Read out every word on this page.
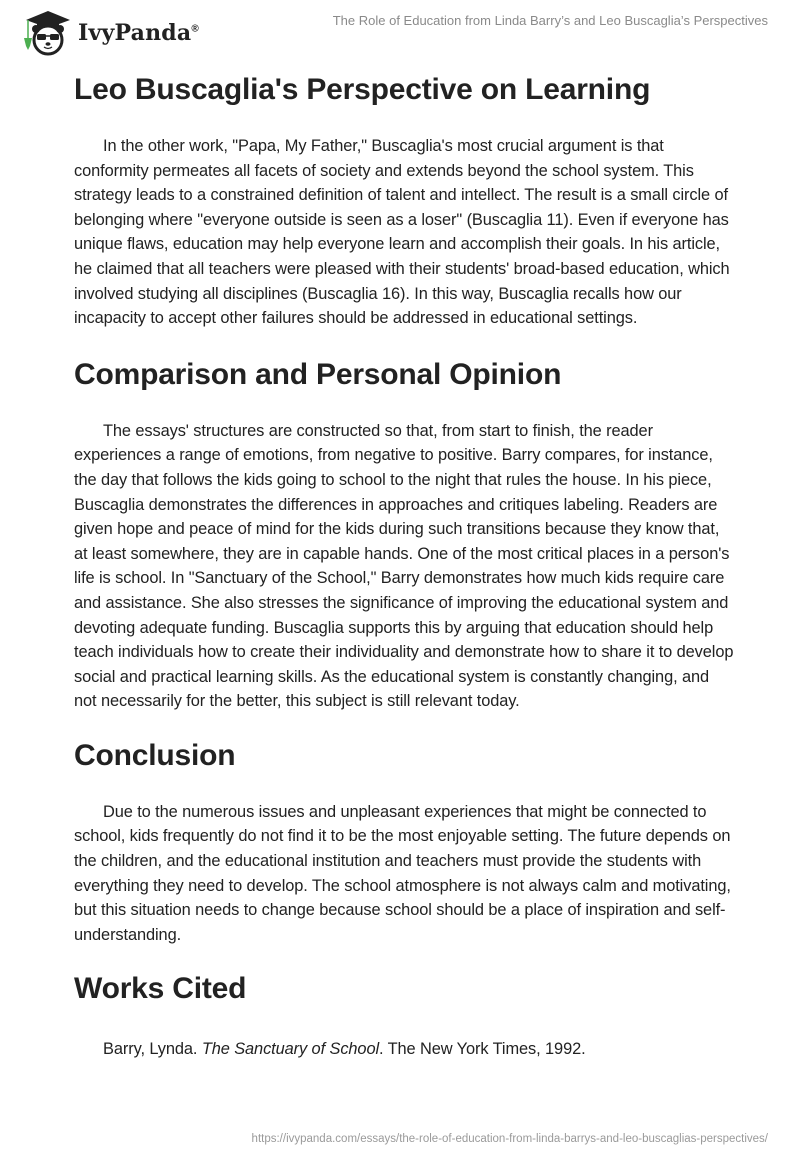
IvyPanda®
The Role of Education from Linda Barry’s and Leo Buscaglia’s Perspectives
Leo Buscaglia's Perspective on Learning

In the other work, "Papa, My Father," Buscaglia's most crucial argument is that conformity permeates all facets of society and extends beyond the school system. This strategy leads to a constrained definition of talent and intellect. The result is a small circle of belonging where "everyone outside is seen as a loser" (Buscaglia 11). Even if everyone has unique flaws, education may help everyone learn and accomplish their goals. In his article, he claimed that all teachers were pleased with their students' broad-based education, which involved studying all disciplines (Buscaglia 16). In this way, Buscaglia recalls how our incapacity to accept other failures should be addressed in educational settings.

Comparison and Personal Opinion

The essays' structures are constructed so that, from start to finish, the reader experiences a range of emotions, from negative to positive. Barry compares, for instance, the day that follows the kids going to school to the night that rules the house. In his piece, Buscaglia demonstrates the differences in approaches and critiques labeling. Readers are given hope and peace of mind for the kids during such transitions because they know that, at least somewhere, they are in capable hands. One of the most critical places in a person's life is school. In "Sanctuary of the School," Barry demonstrates how much kids require care and assistance. She also stresses the significance of improving the educational system and devoting adequate funding. Buscaglia supports this by arguing that education should help teach individuals how to create their individuality and demonstrate how to share it to develop social and practical learning skills. As the educational system is constantly changing, and not necessarily for the better, this subject is still relevant today.

Conclusion

Due to the numerous issues and unpleasant experiences that might be connected to school, kids frequently do not find it to be the most enjoyable setting. The future depends on the children, and the educational institution and teachers must provide the students with everything they need to develop. The school atmosphere is not always calm and motivating, but this situation needs to change because school should be a place of inspiration and self-understanding.

Works Cited

Barry, Lynda. The Sanctuary of School. The New York Times, 1992.

https://ivypanda.com/essays/the-role-of-education-from-linda-barrys-and-leo-buscaglias-perspectives/
